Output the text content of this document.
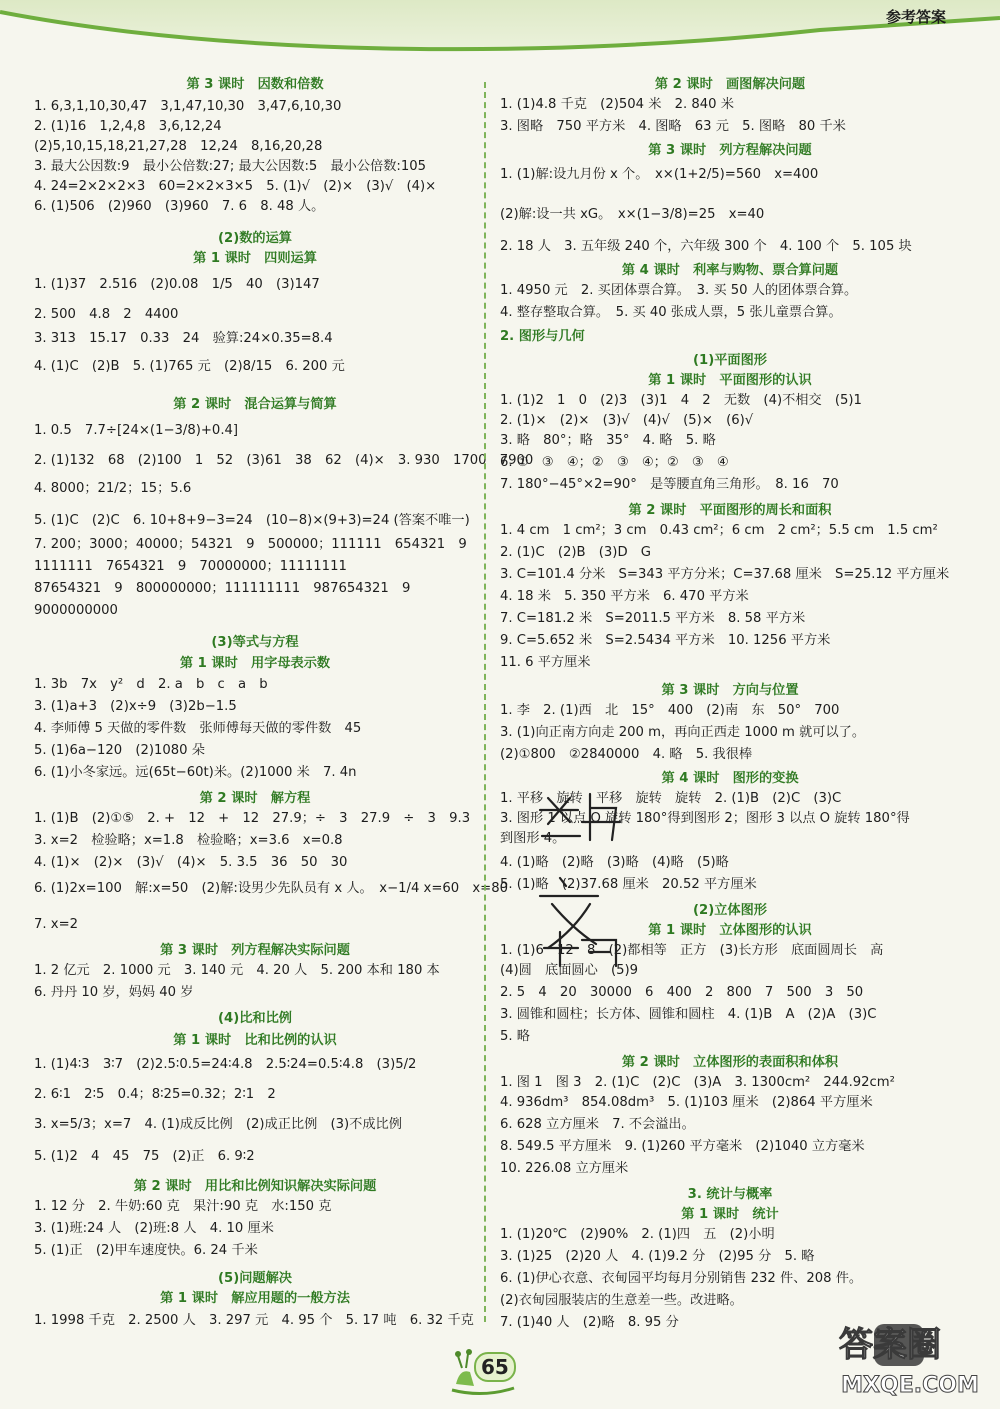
参考答案
第 3 课时　因数和倍数
1. 6,3,1,10,30,47　3,1,47,10,30　3,47,6,10,30
2. (1)16　1,2,4,8　3,6,12,24
(2)5,10,15,18,21,27,28　12,24　8,16,20,28
3. 最大公因数:9　最小公倍数:27; 最大公因数:5　最小公倍数:105
4. 24=2×2×2×3　60=2×2×3×5　5. (1)√　(2)×　(3)√　(4)×
6. (1)506　(2)960　(3)960　7. 6　8. 48 人。
(2)数的运算
第 1 课时　四则运算
1. (1)37　2.516　(2)0.08　1/5　40　(3)147
2. 500　4.8　2　4400
3. 313　15.17　0.33　24　验算:24×0.35=8.4
4. (1)C　(2)B　5. (1)765 元　(2)8/15　6. 200 元
第 2 课时　混合运算与简算
1. 0.5　7.7÷[24×(1−3/8)+0.4]
2. (1)132　68　(2)100　1　52　(3)61　38　62　(4)×　3. 930　1700　7900
4. 8000；21/2；15；5.6
5. (1)C　(2)C　6. 10+8+9−3=24　(10−8)×(9+3)=24 (答案不唯一)
7. 200；3000；40000；54321　9　500000；111111　654321　9
1111111　7654321　9　70000000；11111111
87654321　9　800000000；111111111　987654321　9
9000000000
(3)等式与方程
第 1 课时　用字母表示数
1. 3b　7x　y²　d　2. a　b　c　a　b
3. (1)a+3　(2)x÷9　(3)2b−1.5
4. 李师傅 5 天做的零件数　张师傅每天做的零件数　45
5. (1)6a−120　(2)1080 朵
6. (1)小冬家远。远(65t−60t)米。(2)1000 米　7. 4n
第 2 课时　解方程
1. (1)B　(2)①⑤　2. +　12　+　12　27.9；÷　3　27.9　÷　3　9.3
3. x=2　检验略；x=1.8　检验略；x=3.6　x=0.8
4. (1)×　(2)×　(3)√　(4)×　5. 3.5　36　50　30
6. (1)2x=100　解:x=50　(2)解:设男少先队员有 x 人。　x−1/4 x=60　x=80
7. x=2
第 3 课时　列方程解决实际问题
1. 2 亿元　2. 1000 元　3. 140 元　4. 20 人　5. 200 本和 180 本
6. 丹丹 10 岁，妈妈 40 岁
(4)比和比例
第 1 课时　比和比例的认识
1. (1)4∶3　3∶7　(2)2.5∶0.5=24∶4.8　2.5∶24=0.5∶4.8　(3)5/2
2. 6∶1　2∶5　0.4；8∶25=0.32；2∶1　2
3. x=5/3；x=7　4. (1)成反比例　(2)成正比例　(3)不成比例
5. (1)2　4　45　75　(2)正　6. 9∶2
第 2 课时　用比和比例知识解决实际问题
1. 12 分　2. 牛奶:60 克　果汁:90 克　水:150 克
3. (1)班:24 人　(2)班:8 人　4. 10 厘米
5. (1)正　(2)甲车速度快。6. 24 千米
(5)问题解决
第 1 课时　解应用题的一般方法
1. 1998 千克　2. 2500 人　3. 297 元　4. 95 个　5. 17 吨　6. 32 千克
第 2 课时　画图解决问题
1. (1)4.8 千克　(2)504 米　2. 840 米
3. 图略　750 平方米　4. 图略　63 元　5. 图略　80 千米
第 3 课时　列方程解决问题
1. (1)解:设九月份 x 个。　x×(1+2/5)=560　x=400
(2)解:设一共 xG。　x×(1−3/8)=25　x=40
2. 18 人　3. 五年级 240 个，六年级 300 个　4. 100 个　5. 105 块
第 4 课时　利率与购物、票合算问题
1. 4950 元　2. 买团体票合算。　3. 买 50 人的团体票合算。
4. 整存整取合算。　5. 买 40 张成人票，5 张儿童票合算。
2. 图形与几何
(1)平面图形
第 1 课时　平面图形的认识
1. (1)2　1　0　(2)3　(3)1　4　2　无数　(4)不相交　(5)1
2. (1)×　(2)×　(3)√　(4)√　(5)×　(6)√
3. 略　80°；略　35°　4. 略　5. 略
6. ①　③　④；②　③　④；②　③　④
7. 180°−45°×2=90°　是等腰直角三角形。　8. 16　70
第 2 课时　平面图形的周长和面积
1. 4 cm　1 cm²；3 cm　0.43 cm²；6 cm　2 cm²；5.5 cm　1.5 cm²
2. (1)C　(2)B　(3)D　G
3. C=101.4 分米　S=343 平方分米；C=37.68 厘米　S=25.12 平方厘米
4. 18 米　5. 350 平方米　6. 470 平方米
7. C=181.2 米　S=2011.5 平方米　8. 58 平方米
9. C=5.652 米　S=2.5434 平方米　10. 1256 平方米
11. 6 平方厘米
第 3 课时　方向与位置
1. 李　2. (1)西　北　15°　400　(2)南　东　50°　700
3. (1)向正南方向走 200 m，再向正西走 1000 m 就可以了。
(2)①800　②2840000　4. 略　5. 我很棒
第 4 课时　图形的变换
1. 平移　旋转　平移　旋转　旋转　2. (1)B　(2)C　(3)C
3. 图形 1 以点 O 旋转 180°得到图形 2；图形 3 以点 O 旋转 180°得
到图形 4。
4. (1)略　(2)略　(3)略　(4)略　(5)略
5. (1)略　(2)37.68 厘米　20.52 平方厘米
(2)立体图形
第 1 课时　立体图形的认识
1. (1)6　12　8　(2)都相等　正方　(3)长方形　底面圆周长　高
(4)圆　底面圆心　(5)9
2. 5　4　20　30000　6　400　2　800　7　500　3　50
3. 圆锥和圆柱；长方体、圆锥和圆柱　4. (1)B　A　(2)A　(3)C
5. 略
第 2 课时　立体图形的表面积和体积
1. 图 1　图 3　2. (1)C　(2)C　(3)A　3. 1300cm²　244.92cm²
4. 936dm³　854.08dm³　5. (1)103 厘米　(2)864 平方厘米
6. 628 立方厘米　7. 不会溢出。
8. 549.5 平方厘米　9. (1)260 平方毫米　(2)1040 立方毫米
10. 226.08 立方厘米
3. 统计与概率
第 1 课时　统计
1. (1)20℃　(2)90%　2. (1)四　五　(2)小明
3. (1)25　(2)20 人　4. (1)9.2 分　(2)95 分　5. 略
6. (1)伊心衣意、衣甸园平均每月分别销售 232 件、208 件。
(2)衣甸园服装店的生意差一些。改进略。
7. (1)40 人　(2)略　8. 95 分
65
答案圈
MXQE.COM
